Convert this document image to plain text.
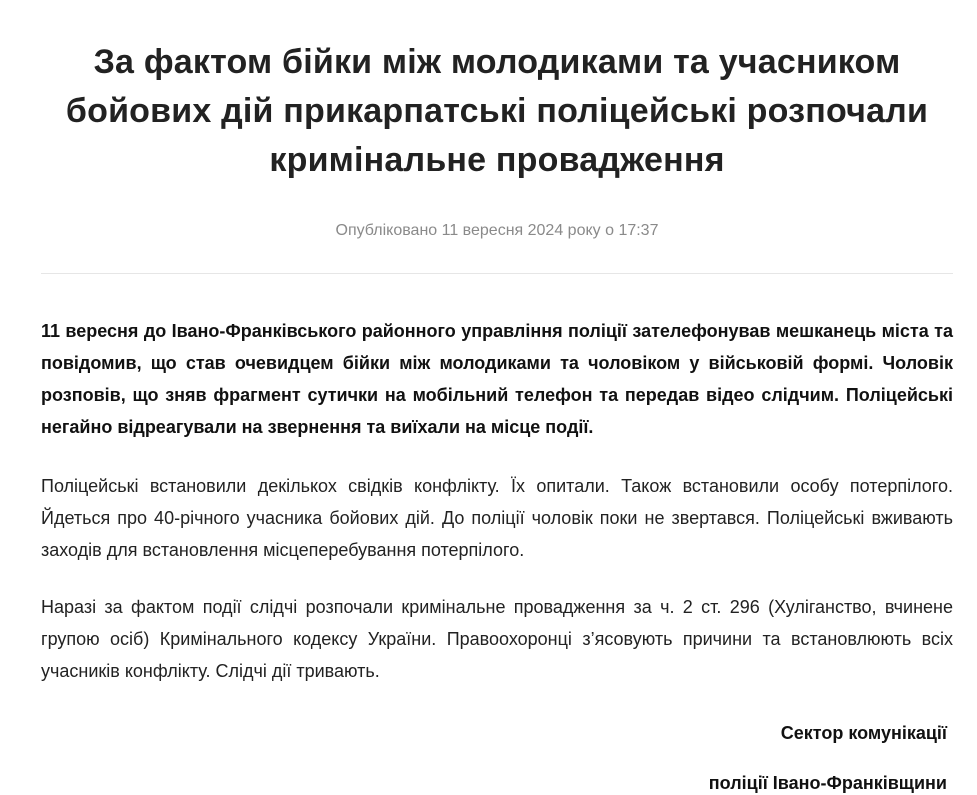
За фактом бійки між молодиками та учасником бойових дій прикарпатські поліцейські розпочали кримінальне провадження
Опубліковано 11 вересня 2024 року о 17:37

11 вересня до Івано-Франківського районного управління поліції зателефонував мешканець міста та повідомив, що став очевидцем бійки між молодиками та чоловіком у військовій формі. Чоловік розповів, що зняв фрагмент сутички на мобільний телефон та передав відео слідчим. Поліцейські негайно відреагували на звернення та виїхали на місце події.

Поліцейські встановили декількох свідків конфлікту. Їх опитали. Також встановили особу потерпілого. Йдеться про 40-річного учасника бойових дій. До поліції чоловік поки не звертався. Поліцейські вживають заходів для встановлення місцеперебування потерпілого.

Наразі за фактом події слідчі розпочали кримінальне провадження за ч. 2 ст. 296 (Хуліганство, вчинене групою осіб) Кримінального кодексу України. Правоохоронці з’ясовують причини та встановлюють всіх учасників конфлікту. Слідчі дії тривають.

Сектор комунікації
поліції Івано-Франківщини
